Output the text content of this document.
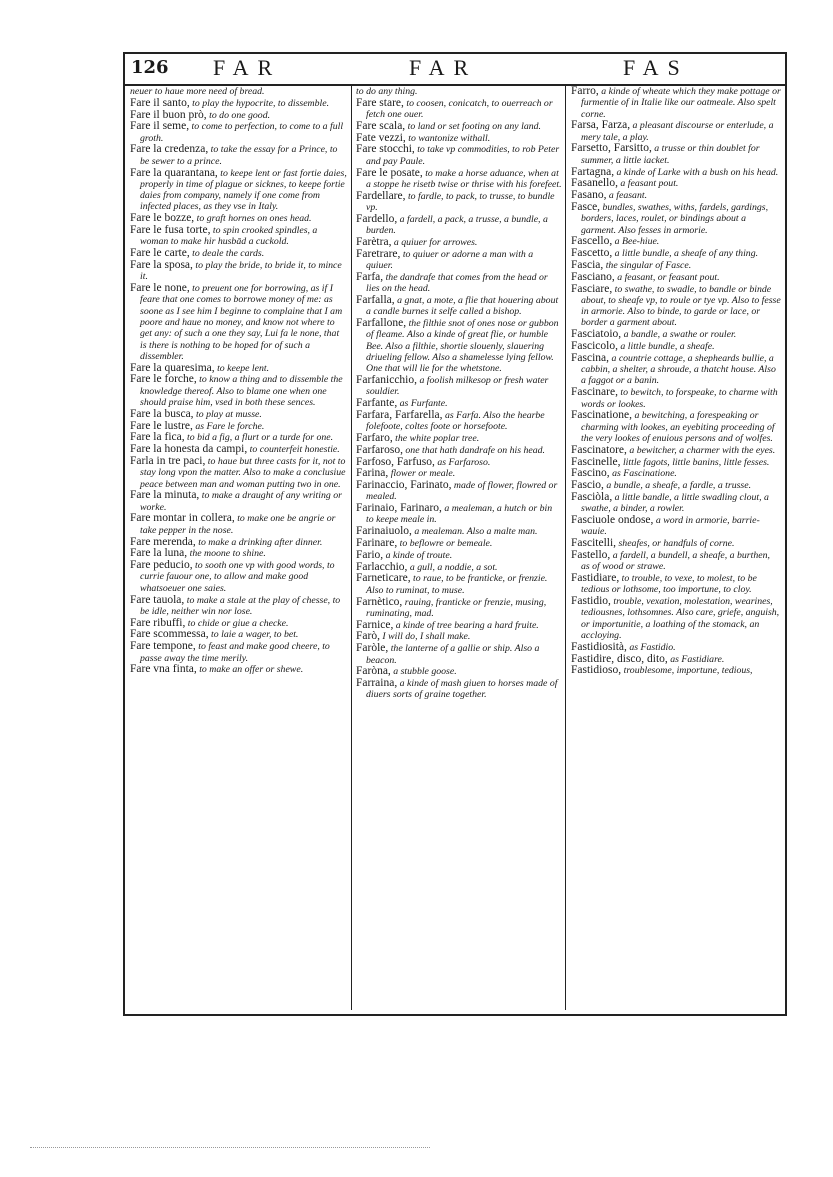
126 FAR	FAR	FAS
neuer to haue more need of bread.
Fare il santo, to play the hypocrite, to dissemble.
Fare il buon prò, to do one good.
Fare il seme, to come to perfection, to come to a full groth.
Fare la credenza, to take the essay for a Prince, to be sewer to a prince.
Fare la quarantana, to keepe lent or fast fortie daies, properly in time of plague or sicknes, to keepe fortie daies from company, namely if one come from infected places, as they vse in Italy.
Fare le bozze, to graft hornes on ones head.
Fare le fusa torte, to spin crooked spindles, a woman to make hir husbād a cuckold.
Fare le carte, to deale the cards.
Fare la sposa, to play the bride, to bride it, to mince it.
Fare le none, to preuent one for borrowing, as if I feare that one comes to borrowe money of me: as soone as I see him I beginne to complaine that I am poore and haue no money, and know not where to get any: of such a one they say, Lui fa le none, that is there is nothing to be hoped for of such a dissembler.
Fare la quaresima, to keepe lent.
Fare le forche, to know a thing and to dissemble the knowledge thereof. Also to blame one when one should praise him, vsed in both these sences.
Fare la busca, to play at musse.
Fare le lustre, as Fare le forche.
Fare la fica, to bid a fig, a flurt or a turde for one.
Fare la honesta da campi, to counterfeit honestie.
Farla in tre paci, to haue but three casts for it, not to stay long vpon the matter. Also to make a conclusiue peace between man and woman putting two in one.
Fare la minuta, to make a draught of any writing or worke.
Fare montar in collera, to make one be angrie or take pepper in the nose.
Fare merenda, to make a drinking after dinner.
Fare la luna, the moone to shine.
Fare peducio, to sooth one vp with good words, to currie fauour one, to allow and make good whatsoeuer one saies.
Fare tauola, to make a stale at the play of chesse, to be idle, neither win nor lose.
Fare ribuffi, to chide or giue a checke.
Fare scommessa, to laie a wager, to bet.
Fare tempone, to feast and make good cheere, to passe away the time merily.
Fare vna finta, to make an offer or shewe.
to do any thing.
Fare stare, to coosen, conicatch, to ouerreach or fetch one ouer.
Fare scala, to land or set footing on any land.
Fate vezzi, to wantonize withall.
Fare stocchi, to take vp commodities, to rob Peter and pay Paule.
Fare le posate, to make a horse aduance, when at a stoppe he risetb twise or thrise with his forefeet.
Fardellare, to fardle, to pack, to trusse, to bundle vp.
Fardello, a fardell, a pack, a trusse, a bundle, a burden.
Farètra, a quiuer for arrowes.
Faretrare, to quiuer or adorne a man with a quiuer.
Farfa, the dandrafe that comes from the head or lies on the head.
Farfalla, a gnat, a mote, a flie that houering about a candle burnes it selfe called a bishop.
Farfallone, the filthie snot of ones nose or gubbon of fleame. Also a kinde of great flie, or humble Bee. Also a filthie, shortie slouenly, slauering driueling fellow. Also a shamelesse lying fellow. One that will lie for the whetstone.
Farfanicchio, a foolish milkesop or fresh water souldier.
Farfante, as Furfante.
Farfara, Farfarella, as Farfa. Also the hearbe folefoote, coltes foote or horsefoote.
Farfaro, the white poplar tree.
Farfaroso, one that hath dandrafe on his head.
Farfoso, Farfuso, as Farfaroso.
Farina, flower or meale.
Farinaccio, Farinato, made of flower, flowred or mealed.
Farinaio, Farinaro, a mealeman, a hutch or bin to keepe meale in.
Farinaiuolo, a mealeman. Also a malte man.
Farinare, to beflowre or bemeale.
Fario, a kinde of troute.
Farlacchio, a gull, a noddie, a sot.
Farneticare, to raue, to be franticke, or frenzie. Also to ruminat, to muse.
Farnètico, rauing, franticke or frenzie, musing, ruminating, mad.
Farnice, a kinde of tree bearing a hard fruite.
Farò, I will do, I shall make.
Faròle, the lanterne of a gallie or ship. Also a beacon.
Faròna, a stubble goose.
Farraina, a kinde of mash giuen to horses made of diuers sorts of graine together.
Farro, a kinde of wheate which they make pottage or furmentie of in Italie like our oatmeale. Also spelt corne.
Farsa, Farza, a pleasant discourse or enterlude, a mery tale, a play.
Farsetto, Farsitto, a trusse or thin doublet for summer, a little iacket.
Fartagna, a kinde of Larke with a bush on his head.
Fasanello, a feasant pout.
Fasano, a feasant.
Fasce, bundles, swathes, withs, fardels, gardings, borders, laces, roulet, or bindings about a garment. Also fesses in armorie.
Fascello, a Bee-hiue.
Fascetto, a little bundle, a sheafe of any thing.
Fascia, the singular of Fasce.
Fasciano, a feasant, or feasant pout.
Fasciare, to swathe, to swadle, to bandle or binde about, to sheafe vp, to roule or tye vp. Also to fesse in armorie. Also to binde, to garde or lace, or border a garment about.
Fasciatoio, a bandle, a swathe or rouler.
Fascicolo, a little bundle, a sheafe.
Fascina, a countrie cottage, a shepheards bullie, a cabbin, a shelter, a shroude, a thatcht house. Also a faggot or a banin.
Fascinare, to bewitch, to forspeake, to charme with words or lookes.
Fascinatione, a bewitching, a forespeaking or charming with lookes, an eyebiting proceeding of the very lookes of enuious persons and of wolfes.
Fascinatore, a bewitcher, a charmer with the eyes.
Fascinelle, little fagots, little banins, little fesses.
Fascino, as Fascinatione.
Fascio, a bundle, a sheafe, a fardle, a trusse.
Fasciòla, a little bandle, a little swadling clout, a swathe, a binder, a rowler.
Fasciuole ondose, a word in armorie, barrie-wauie.
Fascitelli, sheafes, or handfuls of corne.
Fastello, a fardell, a bundell, a sheafe, a burthen, as of wood or strawe.
Fastidiare, to trouble, to vexe, to molest, to be tedious or lothsome, too importune, to cloy.
Fastidio, trouble, vexation, molestation, wearines, tediousnes, lothsomnes. Also care, griefe, anguish, or importunitie, a loathing of the stomack, an accloying.
Fastidiosità, as Fastidio.
Fastidire, disco, dito, as Fastidiare.
Fastidioso, troublesome, importune, tedious,
